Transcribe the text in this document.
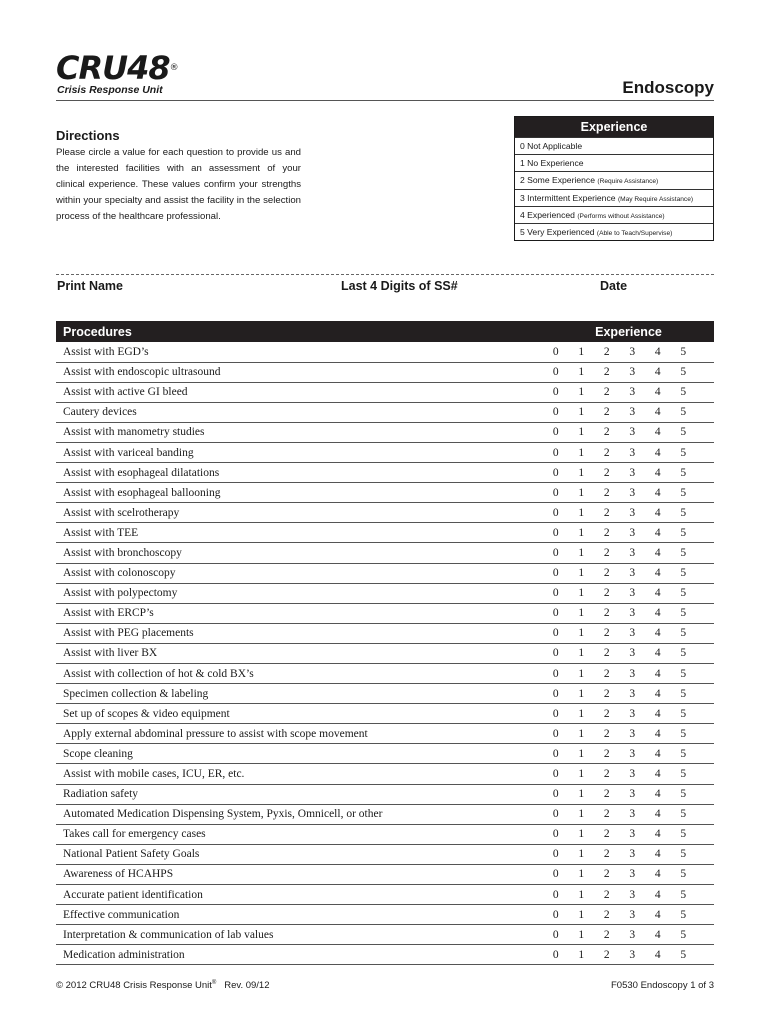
CRU48®
Crisis Response Unit	Endoscopy
Directions
Please circle a value for each question to provide us and the interested facilities with an assessment of your clinical experience. These values confirm your strengths within your specialty and assist the facility in the selection process of the healthcare professional.
Experience
0 Not Applicable
1 No Experience
2 Some Experience (Require Assistance)
3 Intermittent Experience (May Require Assistance)
4 Experienced (Performs without Assistance)
5 Very Experienced (Able to Teach/Supervise)
Print Name	Last 4 Digits of SS#	Date
Procedures	Experience						
Assist with EGD’s	0	1	2	3	4	5	
Assist with endoscopic ultrasound	0	1	2	3	4	5	
Assist with active GI bleed	0	1	2	3	4	5	
Cautery devices	0	1	2	3	4	5	
Assist with manometry studies	0	1	2	3	4	5	
Assist with variceal banding	0	1	2	3	4	5	
Assist with esophageal dilatations	0	1	2	3	4	5	
Assist with esophageal ballooning	0	1	2	3	4	5	
Assist with scelrotherapy	0	1	2	3	4	5	
Assist with TEE	0	1	2	3	4	5	
Assist with bronchoscopy	0	1	2	3	4	5	
Assist with colonoscopy	0	1	2	3	4	5	
Assist with polypectomy	0	1	2	3	4	5	
Assist with ERCP’s	0	1	2	3	4	5	
Assist with PEG placements	0	1	2	3	4	5	
Assist with liver BX	0	1	2	3	4	5	
Assist with collection of hot & cold BX’s	0	1	2	3	4	5	
Specimen collection & labeling	0	1	2	3	4	5	
Set up of scopes & video equipment	0	1	2	3	4	5	
Apply external abdominal pressure to assist with scope movement	0	1	2	3	4	5	
Scope cleaning	0	1	2	3	4	5	
Assist with mobile cases, ICU, ER, etc.	0	1	2	3	4	5	
Radiation safety	0	1	2	3	4	5	
Automated Medication Dispensing System, Pyxis, Omnicell, or other	0	1	2	3	4	5	
Takes call for emergency cases	0	1	2	3	4	5	
National Patient Safety Goals	0	1	2	3	4	5	
Awareness of HCAHPS	0	1	2	3	4	5	
Accurate patient identification	0	1	2	3	4	5	
Effective communication	0	1	2	3	4	5	
Interpretation & communication of lab values	0	1	2	3	4	5	
Medication administration	0	1	2	3	4	5	
© 2012 CRU48 Crisis Response Unit® Rev. 09/12	F0530 Endoscopy 1 of 3
